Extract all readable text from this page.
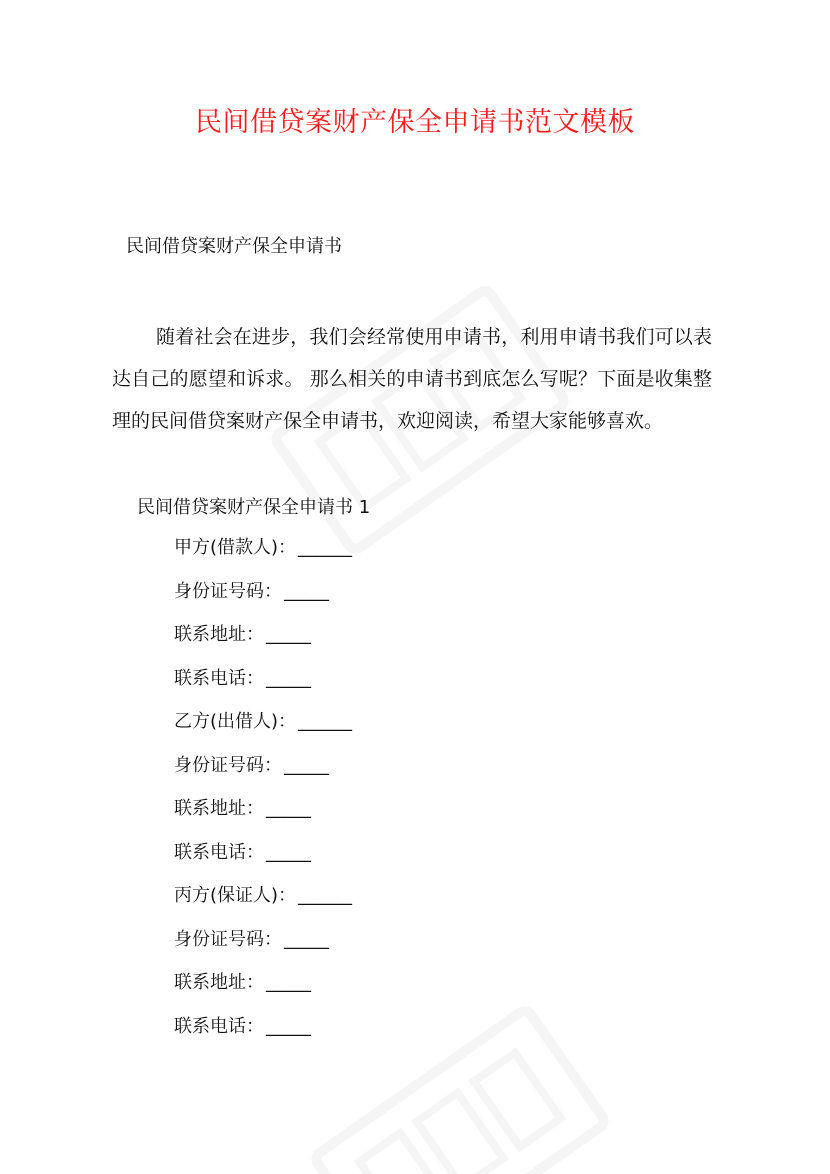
民间借贷案财产保全申请书范文模板
民间借贷案财产保全申请书

随着社会在进步，我们会经常使用申请书，利用申请书我们可以表达自己的愿望和诉求。 那么相关的申请书到底怎么写呢？下面是收集整理的民间借贷案财产保全申请书，欢迎阅读，希望大家能够喜欢。

民间借贷案财产保全申请书 1
甲方(借款人)： ______
身份证号码： _____
联系地址： _____
联系电话： _____
乙方(出借人)： ______
身份证号码： _____
联系地址： _____
联系电话： _____
丙方(保证人)： ______
身份证号码： _____
联系地址： _____
联系电话： _____
